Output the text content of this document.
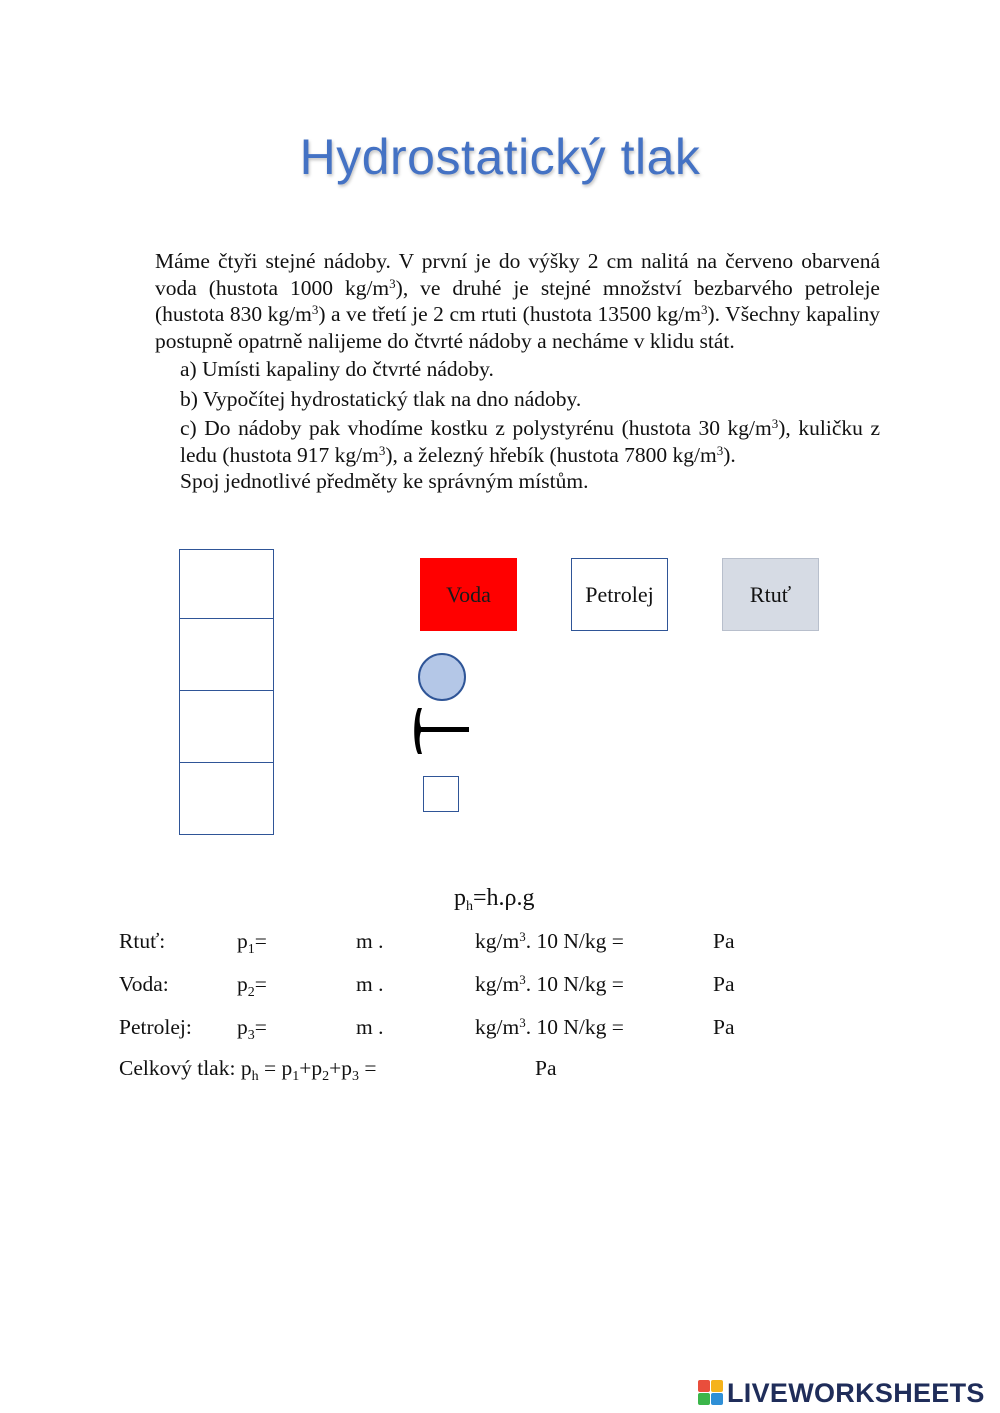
Hydrostatický tlak

Máme čtyři stejné nádoby. V první je do výšky 2 cm nalitá na červeno obarvená voda (hustota 1000 $kg/m^3$), ve druhé je stejné množství bezbarvého petroleje (hustota 830 $kg/m^3$) a ve třetí je 2 cm rtuti (hustota 13500 $kg/m^3$). Všechny kapaliny postupně opatrně nalijeme do čtvrté nádoby a necháme v klidu stát.

a) Umísti kapaliny do čtvrté nádoby.

b) Vypočítej hydrostatický tlak na dno nádoby.

c) Do nádoby pak vhodíme kostku z polystyrénu (hustota 30 $kg/m^3$), kuličku z ledu (hustota 917 $kg/m^3$), a železný hřebík (hustota 7800 $kg/m^3$).

Spoj jednotlivé předměty ke správným místům.

Voda	Petrolej	Rtuť
$p_h=h.\rho.g$
Rtuť:	$p_1=$	m .	$kg/m^3$. 10 N/kg =	Pa
Voda:	$p_2=$	m .	$kg/m^3$. 10 N/kg =	Pa
Petrolej: $p_3=$	m .	$kg/m^3$. 10 N/kg =	Pa
Celkový tlak: $p_h = p_1+p_2+p_3$ =	Pa
LIVEWORKSHEETS
